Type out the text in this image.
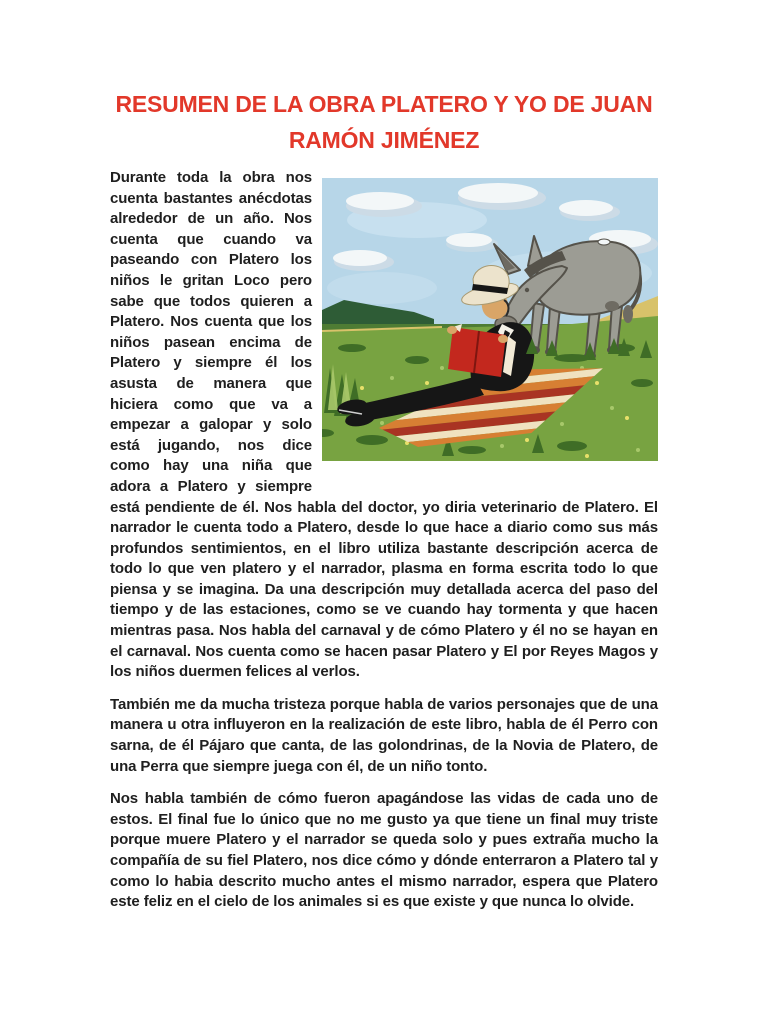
RESUMEN DE LA OBRA PLATERO Y YO DE JUAN
RAMÓN JIMÉNEZ
Durante toda la obra nos cuenta bastantes anécdotas alrededor de un año. Nos cuenta que cuando va paseando con Platero los niños le gritan Loco pero sabe que todos quieren a Platero. Nos cuenta que los niños pasean encima de Platero y siempre él los asusta de manera que hiciera como que va a empezar a galopar y solo está jugando, nos dice como hay una niña que adora a Platero y siempre está pendiente de él. Nos habla del doctor, yo diria veterinario de Platero. El narrador le cuenta todo a Platero, desde lo que hace a diario como sus más profundos sentimientos, en el libro utiliza bastante descripción acerca de todo lo que ven platero y el narrador, plasma en forma escrita todo lo que piensa y se imagina. Da una descripción muy detallada acerca del paso del tiempo y de las estaciones, como se ve cuando hay tormenta y que hacen mientras pasa. Nos habla del carnaval y de cómo Platero y él no se hayan en el carnaval. Nos cuenta como se hacen pasar Platero y El por Reyes Magos y los niños duermen felices al verlos.
También me da mucha tristeza porque habla de varios personajes que de una manera u otra influyeron en la realización de este libro, habla de él Perro con sarna, de él Pájaro que canta, de las golondrinas, de la Novia de Platero, de una Perra que siempre juega con él, de un niño tonto.
Nos habla también de cómo fueron apagándose las vidas de cada uno de estos. El final fue lo único que no me gusto ya que tiene un final muy triste porque muere Platero y el narrador se queda solo y pues extraña mucho la compañía de su fiel Platero, nos dice cómo y dónde enterraron a Platero tal y como lo habia descrito mucho antes el mismo narrador, espera que Platero este feliz en el cielo de los animales si es que existe y que nunca lo olvide.
